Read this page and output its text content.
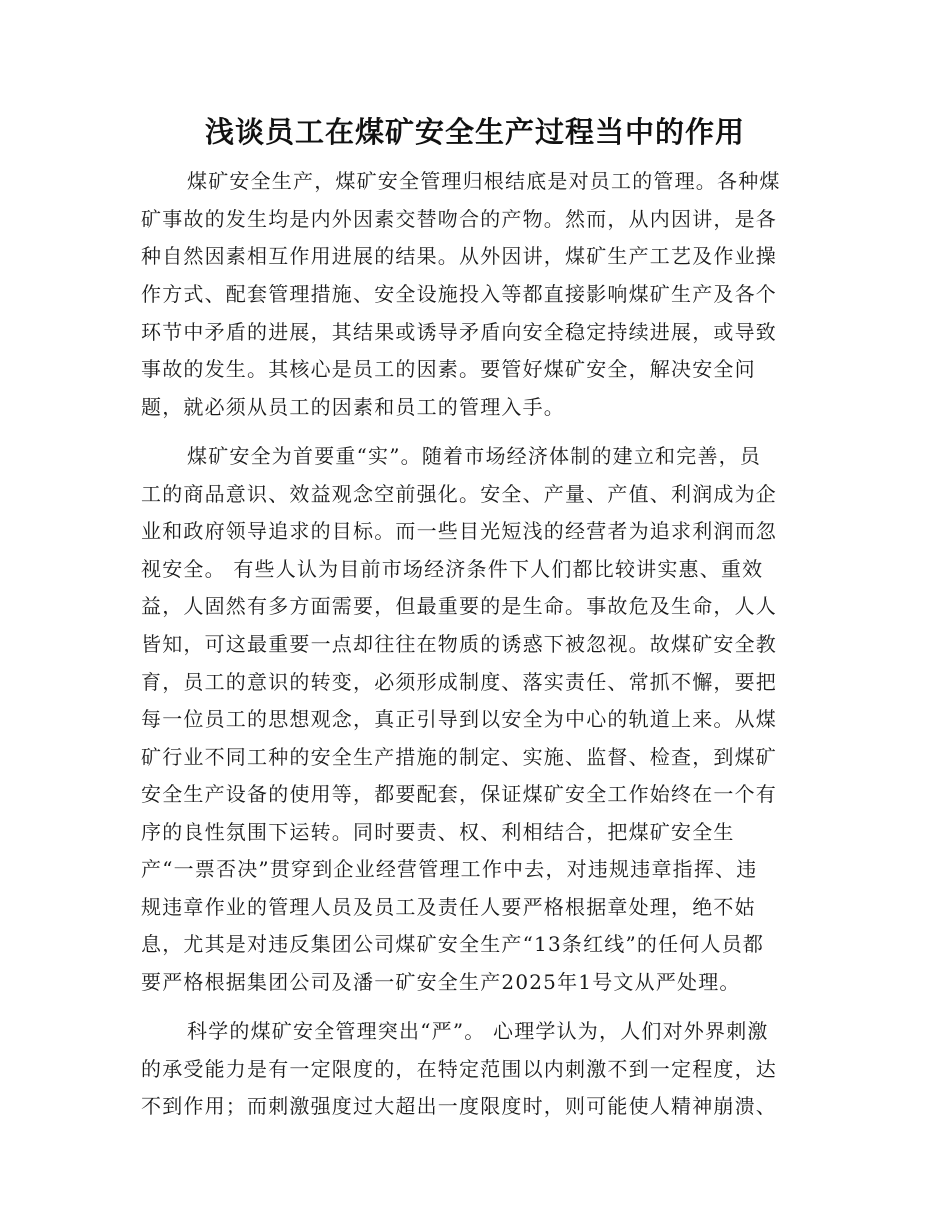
浅谈员工在煤矿安全生产过程当中的作用
煤矿安全生产，煤矿安全管理归根结底是对员工的管理。各种煤
矿事故的发生均是内外因素交替吻合的产物。然而，从内因讲，是各
种自然因素相互作用进展的结果。从外因讲，煤矿生产工艺及作业操
作方式、配套管理措施、安全设施投入等都直接影响煤矿生产及各个
环节中矛盾的进展，其结果或诱导矛盾向安全稳定持续进展，或导致
事故的发生。其核心是员工的因素。要管好煤矿安全，解决安全问
题，就必须从员工的因素和员工的管理入手。
煤矿安全为首要重“实”。随着市场经济体制的建立和完善，员
工的商品意识、效益观念空前强化。安全、产量、产值、利润成为企
业和政府领导追求的目标。而一些目光短浅的经营者为追求利润而忽
视安全。 有些人认为目前市场经济条件下人们都比较讲实惠、重效
益，人固然有多方面需要，但最重要的是生命。事故危及生命，人人
皆知，可这最重要一点却往往在物质的诱惑下被忽视。故煤矿安全教
育，员工的意识的转变，必须形成制度、落实责任、常抓不懈，要把
每一位员工的思想观念，真正引导到以安全为中心的轨道上来。从煤
矿行业不同工种的安全生产措施的制定、实施、监督、检查，到煤矿
安全生产设备的使用等，都要配套，保证煤矿安全工作始终在一个有
序的良性氛围下运转。同时要责、权、利相结合，把煤矿安全生
产“一票否决”贯穿到企业经营管理工作中去，对违规违章指挥、违
规违章作业的管理人员及员工及责任人要严格根据章处理，绝不姑
息，尤其是对违反集团公司煤矿安全生产“13条红线”的任何人员都
要严格根据集团公司及潘一矿安全生产2025年1号文从严处理。
科学的煤矿安全管理突出“严”。 心理学认为，人们对外界刺激
的承受能力是有一定限度的，在特定范围以内刺激不到一定程度，达
不到作用；而刺激强度过大超出一度限度时，则可能使人精神崩溃、
